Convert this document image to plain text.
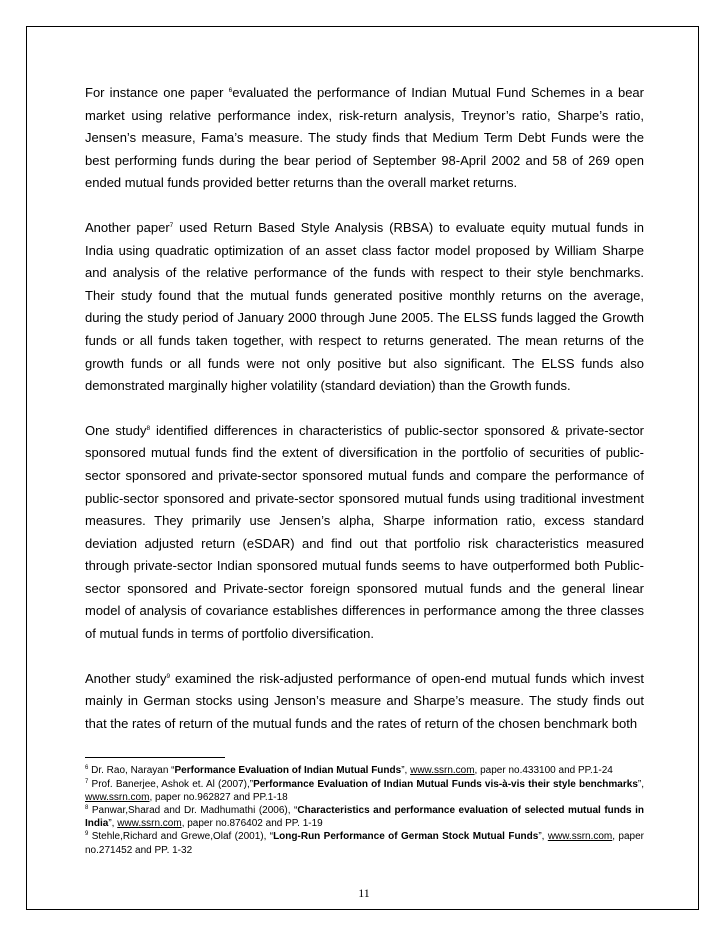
For instance one paper $^6$evaluated the performance of Indian Mutual Fund Schemes in a bear market using relative performance index, risk-return analysis, Treynor’s ratio, Sharpe’s ratio, Jensen’s measure, Fama’s measure. The study finds that Medium Term Debt Funds were the best performing funds during the bear period of September 98-April 2002 and 58 of 269 open ended mutual funds provided better returns than the overall market returns.

Another paper$^7$ used Return Based Style Analysis (RBSA) to evaluate equity mutual funds in India using quadratic optimization of an asset class factor model proposed by William Sharpe and analysis of the relative performance of the funds with respect to their style benchmarks. Their study found that the mutual funds generated positive monthly returns on the average, during the study period of January 2000 through June 2005. The ELSS funds lagged the Growth funds or all funds taken together, with respect to returns generated. The mean returns of the growth funds or all funds were not only positive but also significant. The ELSS funds also demonstrated marginally higher volatility (standard deviation) than the Growth funds.

One study$^8$ identified differences in characteristics of public-sector sponsored & private-sector sponsored mutual funds find the extent of diversification in the portfolio of securities of public-sector sponsored and private-sector sponsored mutual funds and compare the performance of public-sector sponsored and private-sector sponsored mutual funds using traditional investment measures. They primarily use Jensen’s alpha, Sharpe information ratio, excess standard deviation adjusted return (eSDAR) and find out that portfolio risk characteristics measured through private-sector Indian sponsored mutual funds seems to have outperformed both Public-sector sponsored and Private-sector foreign sponsored mutual funds and the general linear model of analysis of covariance establishes differences in performance among the three classes of mutual funds in terms of portfolio diversification.

Another study$^9$ examined the risk-adjusted performance of open-end mutual funds which invest mainly in German stocks using Jenson’s measure and Sharpe’s measure. The study finds out that the rates of return of the mutual funds and the rates of return of the chosen benchmark both

$^6$ Dr. Rao, Narayan “Performance Evaluation of Indian Mutual Funds”, www.ssrn.com, paper no.433100 and PP.1-24

$^7$ Prof. Banerjee, Ashok et. Al (2007),”Performance Evaluation of Indian Mutual Funds vis-à-vis their style benchmarks”, www.ssrn.com, paper no.962827 and PP.1-18

$^8$ Panwar,Sharad and Dr. Madhumathi (2006), “Characteristics and performance evaluation of selected mutual funds in India”, www.ssrn.com, paper no.876402 and PP. 1-19

$^9$ Stehle,Richard and Grewe,Olaf (2001), “Long-Run Performance of German Stock Mutual Funds”, www.ssrn.com, paper no.271452 and PP. 1-32

11
